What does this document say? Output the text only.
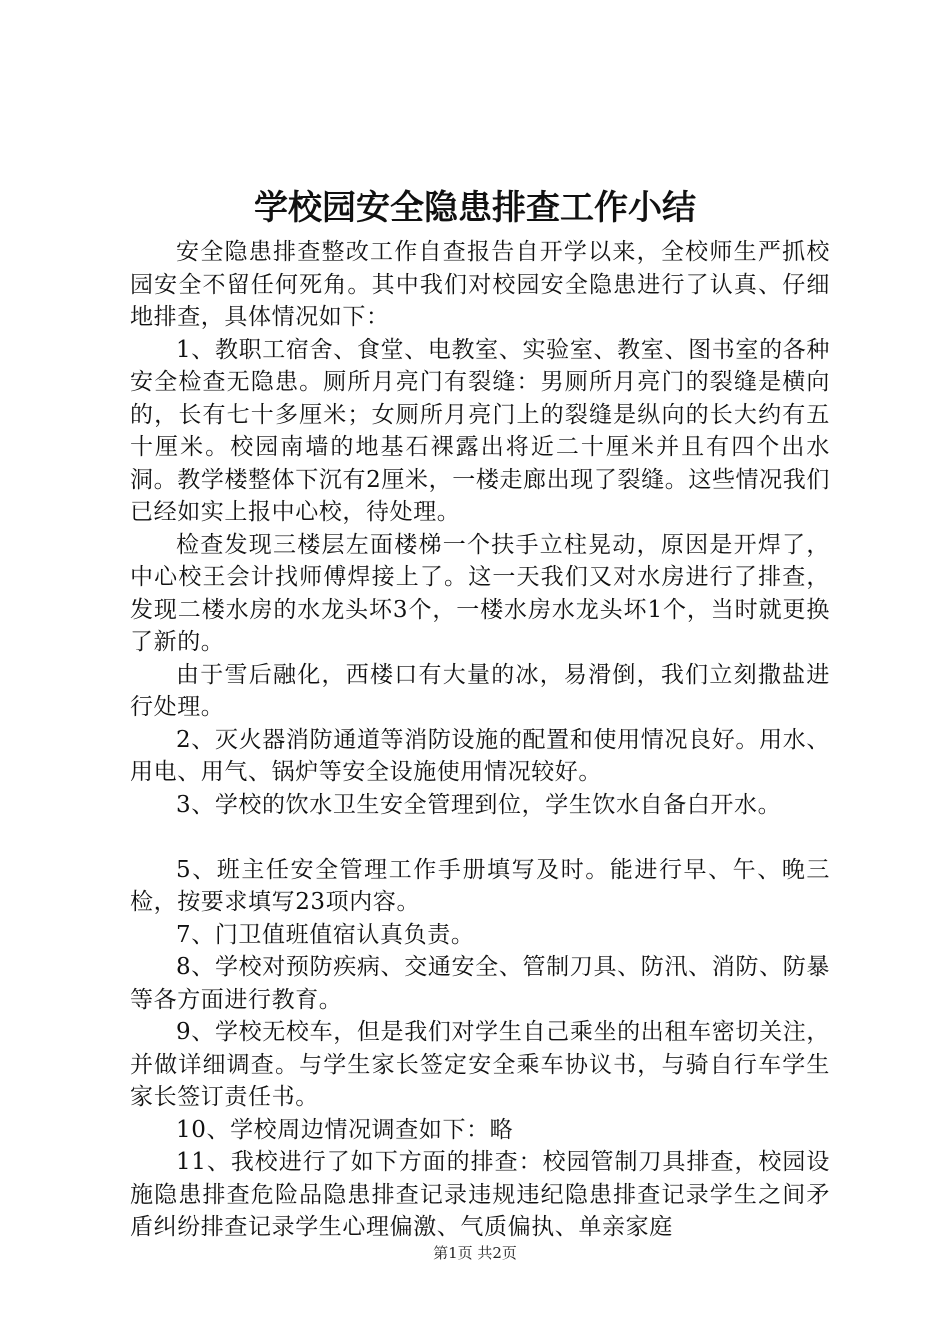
学校园安全隐患排查工作小结

安全隐患排查整改工作自查报告自开学以来，全校师生严抓校园安全不留任何死角。其中我们对校园安全隐患进行了认真、仔细地排查，具体情况如下：

1、教职工宿舍、食堂、电教室、实验室、教室、图书室的各种安全检查无隐患。厕所月亮门有裂缝：男厕所月亮门的裂缝是横向的，长有七十多厘米；女厕所月亮门上的裂缝是纵向的长大约有五十厘米。校园南墙的地基石裸露出将近二十厘米并且有四个出水洞。教学楼整体下沉有2厘米，一楼走廊出现了裂缝。这些情况我们已经如实上报中心校，待处理。

检查发现三楼层左面楼梯一个扶手立柱晃动，原因是开焊了，中心校王会计找师傅焊接上了。这一天我们又对水房进行了排查，发现二楼水房的水龙头坏3个，一楼水房水龙头坏1个，当时就更换了新的。

由于雪后融化，西楼口有大量的冰，易滑倒，我们立刻撒盐进行处理。

2、灭火器消防通道等消防设施的配置和使用情况良好。用水、用电、用气、锅炉等安全设施使用情况较好。

3、学校的饮水卫生安全管理到位，学生饮水自备白开水。

5、班主任安全管理工作手册填写及时。能进行早、午、晚三检，按要求填写23项内容。

7、门卫值班值宿认真负责。

8、学校对预防疾病、交通安全、管制刀具、防汛、消防、防暴等各方面进行教育。

9、学校无校车，但是我们对学生自己乘坐的出租车密切关注，并做详细调查。与学生家长签定安全乘车协议书，与骑自行车学生家长签订责任书。

10、学校周边情况调查如下：略

11、我校进行了如下方面的排查：校园管制刀具排查，校园设施隐患排查危险品隐患排查记录违规违纪隐患排查记录学生之间矛盾纠纷排查记录学生心理偏激、气质偏执、单亲家庭

第1页 共2页
